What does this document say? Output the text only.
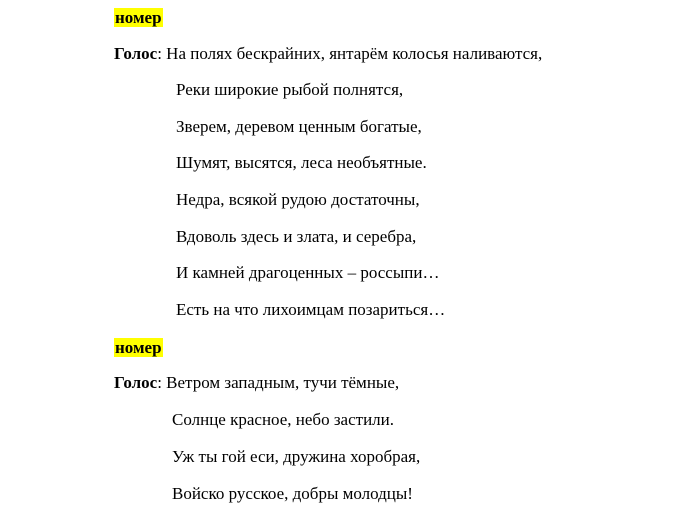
номер
Голос: На полях бескрайних, янтарём колосья наливаются,
Реки широкие рыбой полнятся,
Зверем, деревом ценным богатые,
Шумят, высятся, леса необъятные.
Недра, всякой рудою достаточны,
Вдоволь здесь и злата, и серебра,
И камней драгоценных – россыпи…
Есть на что лихоимцам позариться…
номер
Голос: Ветром западным, тучи тёмные,
Солнце красное, небо застили.
Уж ты гой еси, дружина хоробрая,
Войско русское, добры молодцы!
